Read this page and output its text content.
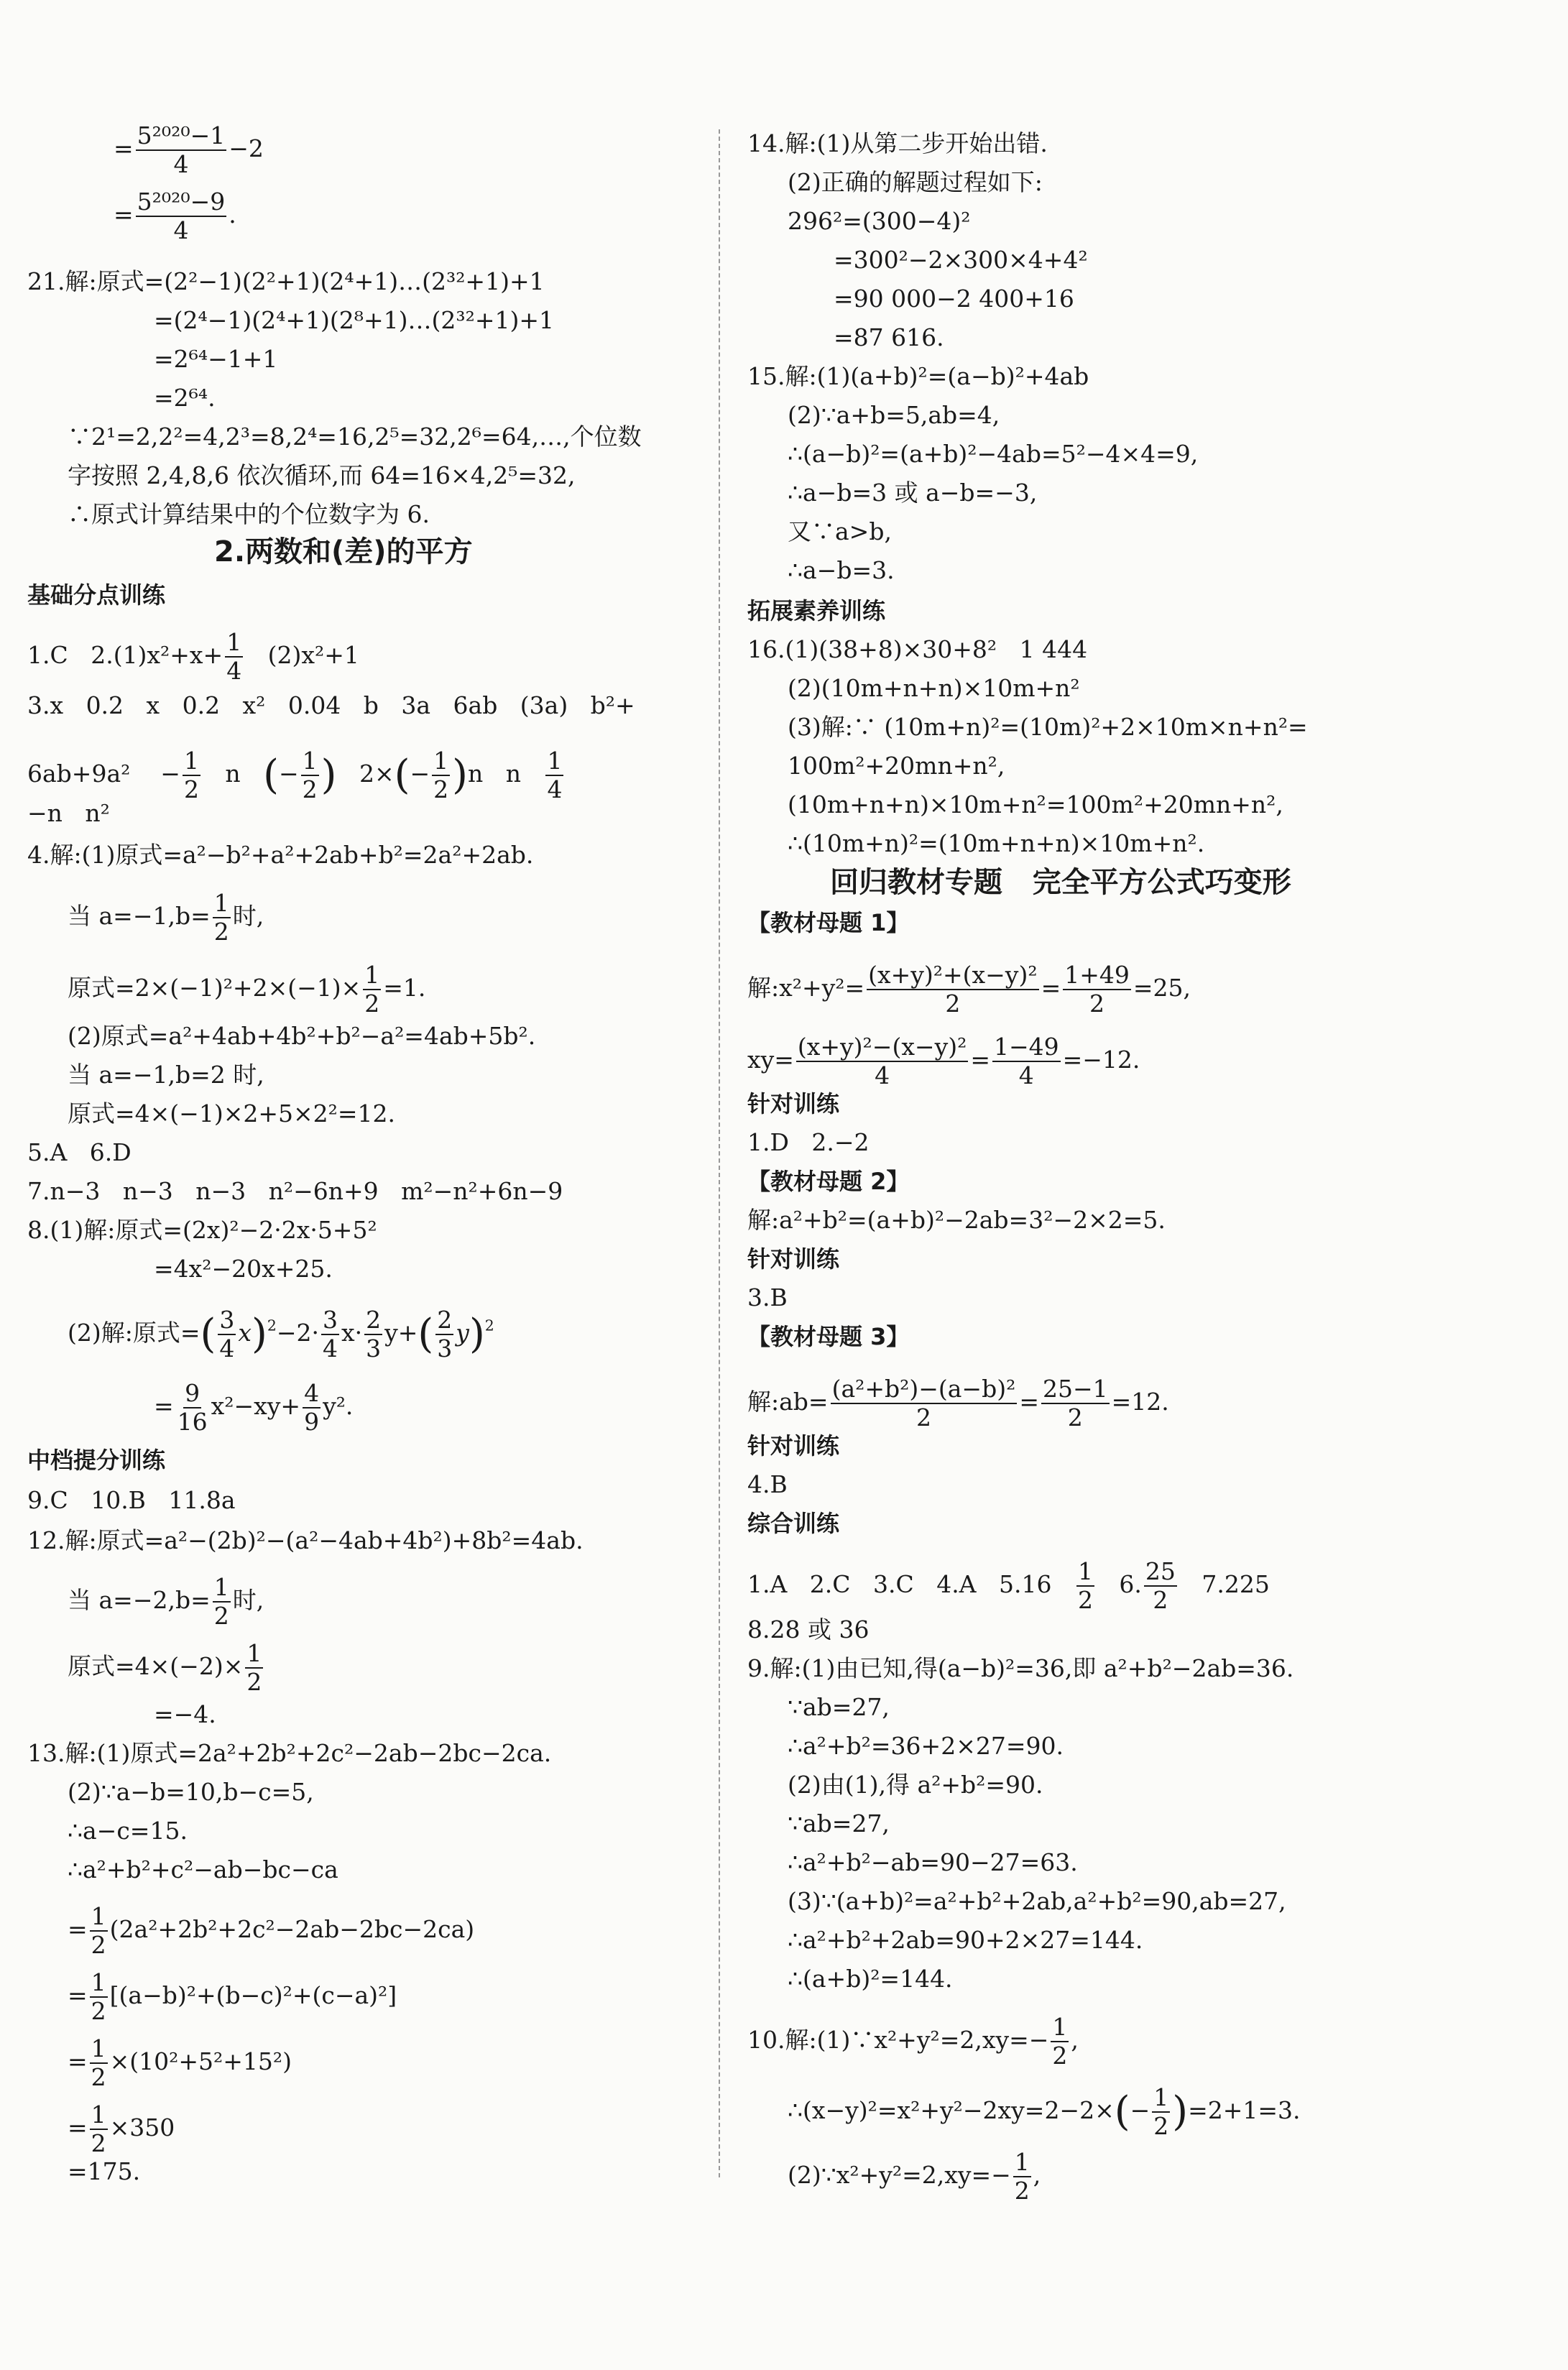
= $\frac{\text{5²⁰²⁰−1}}{4} -2$
= $\frac{\text{5²⁰²⁰−9}}{4}$ .
21.解:原式=(2²−1)(2²+1)(2⁴+1)…(2³²+1)+1
=(2⁴−1)(2⁴+1)(2⁸+1)…(2³²+1)+1
=2⁶⁴−1+1
=2⁶⁴.
∵2¹=2,2²=4,2³=8,2⁴=16,2⁵=32,2⁶=64,…,个位数
字按照 2,4,8,6 依次循环,而 64=16×4,2⁵=32,
∴原式计算结果中的个位数字为 6.
2.两数和(差)的平方
基础分点训练
1.C   $2.(1)x^2+x+ \frac{1}{4} (2)x^2+1$
3.x   0.2   x   0.2   x²   0.04   b   3a   6ab   (3a)   b²+
6ab+9a²    − $\frac{1}{2}$ n   (− $\frac{1}{2}$ )   $2\times(- \frac{1}{2} )n$   n $\frac{1}{4}$
−n   n²
4.解:(1)原式=a²−b²+a²+2ab+b²=2a²+2ab.
当 $a=-1,b= \frac{1}{2}$ 时,
原式$=2\times(-1)^2+2\times(-1)\times \frac{1}{2} =1$.
(2)原式=a²+4ab+4b²+b²−a²=4ab+5b².
当 a=−1,b=2 时,
原式=4×(−1)×2+5×2²=12.
5.A   6.D
7.n−3   n−3   n−3   n²−6n+9   m²−n²+6n−9
8.(1)解:原式=(2x)²−2·2x·5+5²
=4x²−20x+25.
(2)解:原式=( $\frac{3}{4} x)^2-2\cdot \frac{3}{4} x\cdot \frac{2}{3} y+( \frac{2}{3} y)^2$
= $\frac{9}{16} x^2-xy+ \frac{4}{9} y^2$.
中档提分训练
9.C   10.B   11.8a
12.解:原式=a²−(2b)²−(a²−4ab+4b²)+8b²=4ab.
当 $a=-2,b= \frac{1}{2}$ 时,
原式$=4\times(-2)\times \frac{1}{2}$
=−4.
13.解:(1)原式=2a²+2b²+2c²−2ab−2bc−2ca.
(2)∵a−b=10,b−c=5,
∴a−c=15.
∴a²+b²+c²−ab−bc−ca
= $\frac{1}{2} (2a^2+2b^2+2c^2-2ab-2bc-2ca)$
= $\frac{1}{2} [(a-b)^2+(b-c)^2+(c-a)^2]$
= $\frac{1}{2} \times(10^2+5^2+15^2)$
= $\frac{1}{2} \times 350$
=175.
14.解:(1)从第二步开始出错.
(2)正确的解题过程如下:
296²=(300−4)²
=300²−2×300×4+4²
=90 000−2 400+16
=87 616.
15.解:(1)(a+b)²=(a−b)²+4ab
(2)∵a+b=5,ab=4,
∴(a−b)²=(a+b)²−4ab=5²−4×4=9,
∴a−b=3 或 a−b=−3,
又∵a>b,
∴a−b=3.
拓展素养训练
16.(1)(38+8)×30+8²   1 444
(2)(10m+n+n)×10m+n²
(3)解:∵ (10m+n)²=(10m)²+2×10m×n+n²=
100m²+20mn+n²,
(10m+n+n)×10m+n²=100m²+20mn+n²,
∴(10m+n)²=(10m+n+n)×10m+n².
回归教材专题   完全平方公式巧变形
【教材母题 1】
解:x²+y²= $\frac{\text{(x+y)²+(x−y)²}}{2} = \frac{1+49}{2} =25$,
$xy= \frac{\text{(x+y)²−(x−y)²}}{4} = \frac{1-49}{4} =-12$.
针对训练
1.D   2.−2
【教材母题 2】
解:a²+b²=(a+b)²−2ab=3²−2×2=5.
针对训练
3.B
【教材母题 3】
解:ab= $\frac{\text{(a²+b²)−(a−b)²}}{2} = \frac{25-1}{2} =12$.
针对训练
4.B
综合训练
1.A   2.C   3.C   4.A   $5.16 \frac{1}{2} 6$. $\frac{25}{2} 7.225$
8.28 或 36
9.解:(1)由已知,得(a−b)²=36,即 a²+b²−2ab=36.
∵ab=27,
∴a²+b²=36+2×27=90.
(2)由(1),得 a²+b²=90.
∵ab=27,
∴a²+b²−ab=90−27=63.
(3)∵(a+b)²=a²+b²+2ab,a²+b²=90,ab=27,
∴a²+b²+2ab=90+2×27=144.
∴(a+b)²=144.
10.解:(1)∵x²+y²=2,xy=− $\frac{1}{2}$ ,
∴(x−y)²=x²+y²−2xy=2−2×(− $\frac{1}{2} )=2+1=3$.
(2)∵x²+y²=2,xy=− $\frac{1}{2}$ ,
